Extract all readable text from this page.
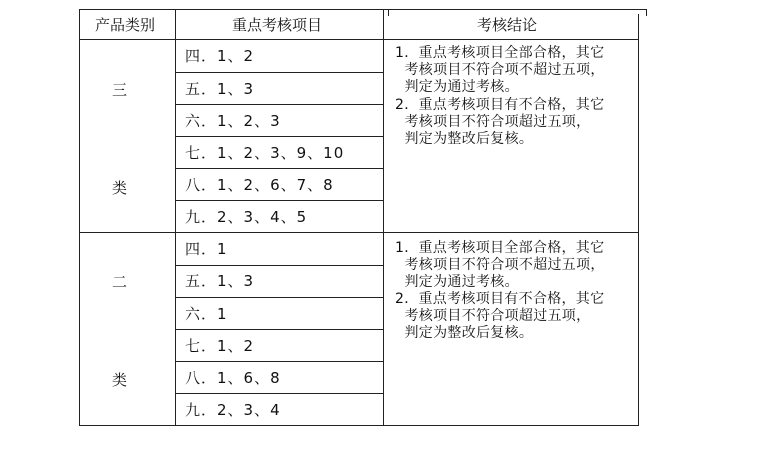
产品类别	重点考核项目	考核结论
三
类
四．1、2
五．1、3
六．1、2、3
七．1、2、3、9、10
八．1、2、6、7、8
九．2、3、4、5
1．重点考核项目全部合格，其它
考核项目不符合项不超过五项，
判定为通过考核。
2．重点考核项目有不合格，其它
考核项目不符合项超过五项，
判定为整改后复核。
二
类
四．1
五．1、3
六．1
七．1、2
八．1、6、8
九．2、3、4
1．重点考核项目全部合格，其它
考核项目不符合项不超过五项，
判定为通过考核。
2．重点考核项目有不合格，其它
考核项目不符合项超过五项，
判定为整改后复核。
